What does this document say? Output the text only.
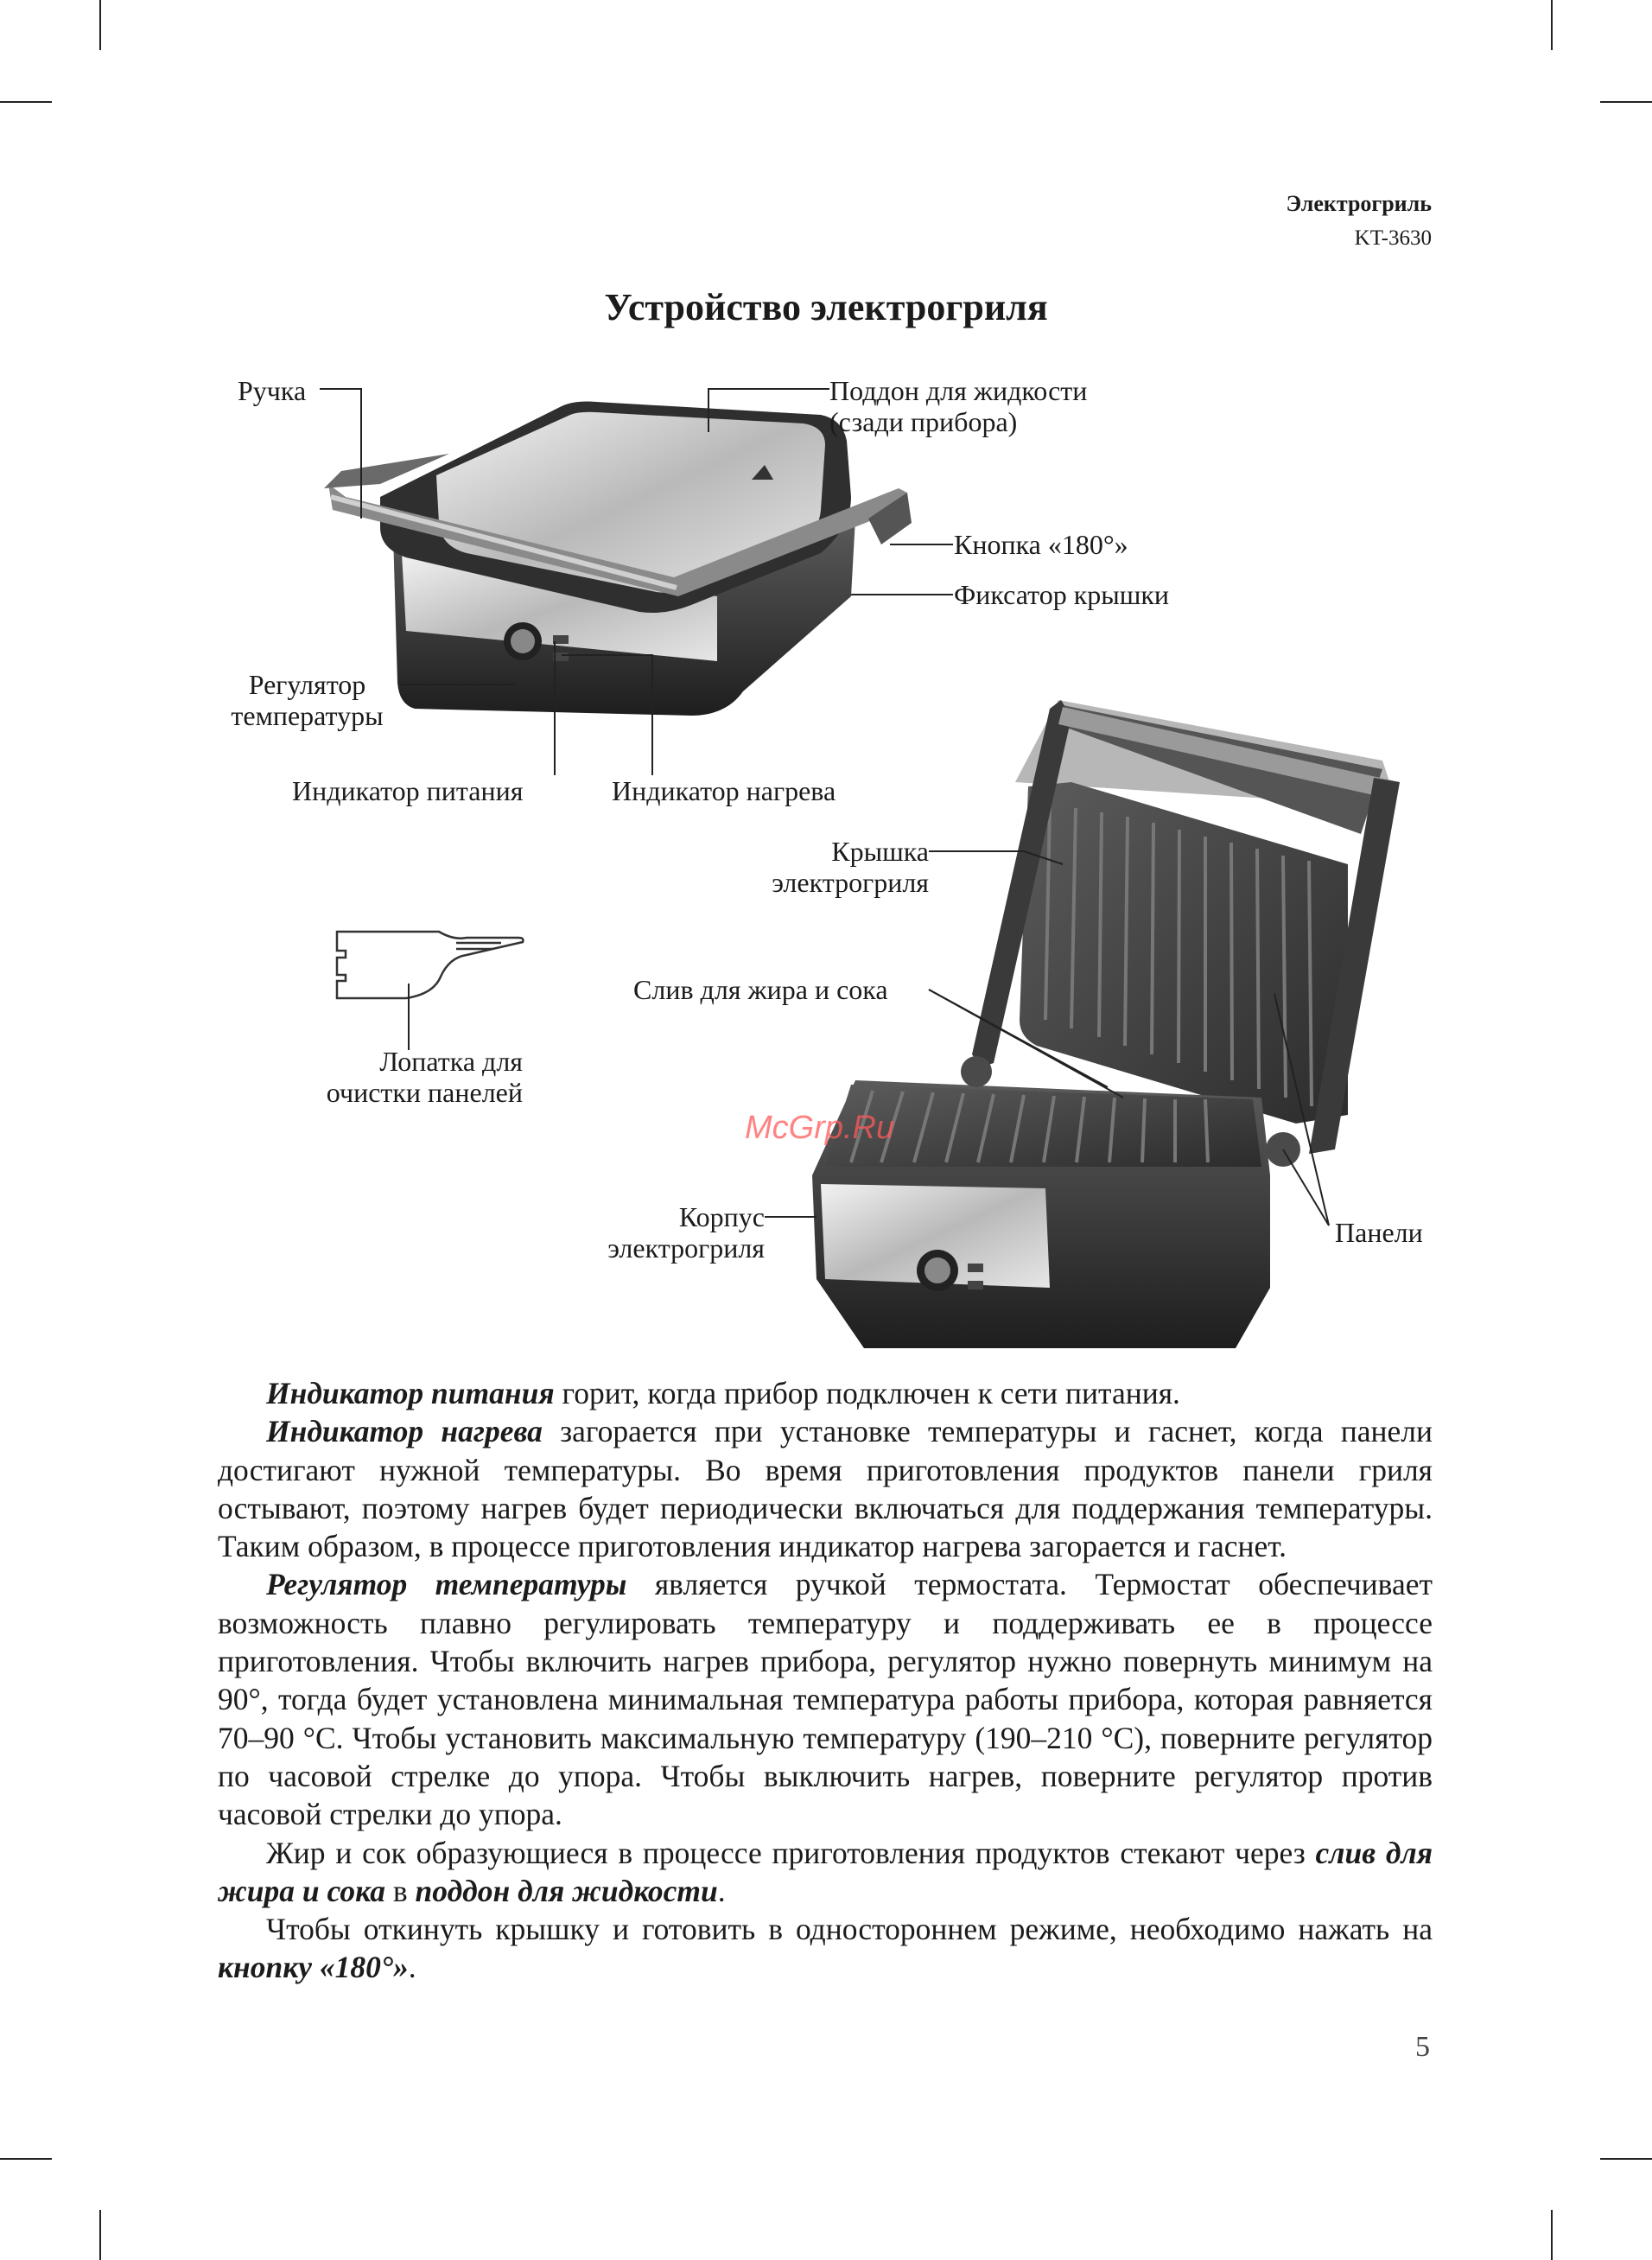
Электрогриль
KT-3630
Устройство электрогриля
Ручка	Поддон для жидкости
(сзади прибора)
Кнопка «180°»
Фиксатор крышки
Регулятор
температуры
Индикатор питания	Индикатор нагрева
Крышка
электрогриля
Лопатка для
очистки панелей
Слив для жира и сока
Корпус
электрогриля	Панели
McGrp.Ru

Индикатор питания горит, когда прибор подключен к сети питания.

Индикатор нагрева загорается при установке температуры и гаснет, когда панели достигают нужной температуры. Во время приготовления продуктов панели гриля остывают, поэтому нагрев будет периодически включаться для поддержания температуры. Таким образом, в процессе приготовления индикатор нагрева загорается и гаснет.

Регулятор температуры является ручкой термостата. Термостат обеспечивает возможность плавно регулировать температуру и поддерживать ее в процессе приготовления. Чтобы включить нагрев прибора, регулятор нужно повернуть минимум на 90°, тогда будет установлена минимальная температура работы прибора, которая равняется 70–90 °C. Чтобы установить максимальную температуру (190–210 °C), поверните регулятор по часовой стрелке до упора. Чтобы выключить нагрев, поверните регулятор против часовой стрелки до упора.

Жир и сок образующиеся в процессе приготовления продуктов стекают через слив для жира и сока в поддон для жидкости.

Чтобы откинуть крышку и готовить в одностороннем режиме, необходимо нажать на кнопку «180°».

5
